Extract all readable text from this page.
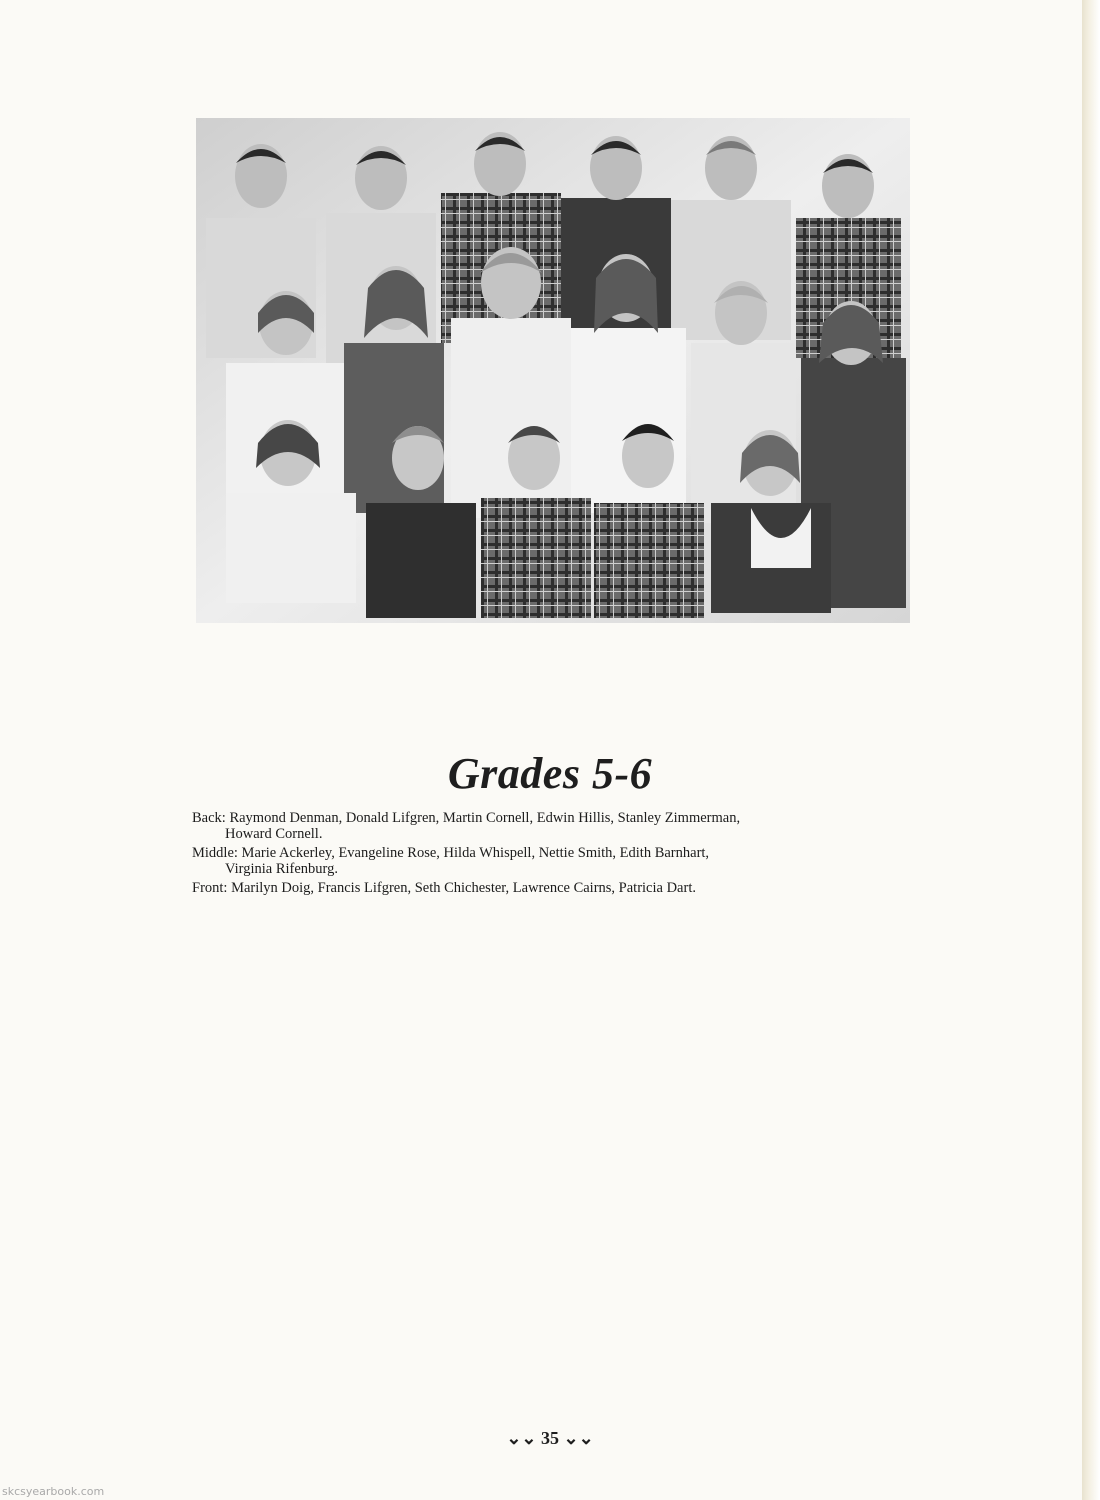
Grades 5-6
Back: Raymond Denman, Donald Lifgren, Martin Cornell, Edwin Hillis, Stanley Zimmerman,
Howard Cornell.
Middle: Marie Ackerley, Evangeline Rose, Hilda Whispell, Nettie Smith, Edith Barnhart,
Virginia Rifenburg.
Front: Marilyn Doig, Francis Lifgren, Seth Chichester, Lawrence Cairns, Patricia Dart.
⌄⌄ 35 ⌄⌄
skcsyearbook.com
